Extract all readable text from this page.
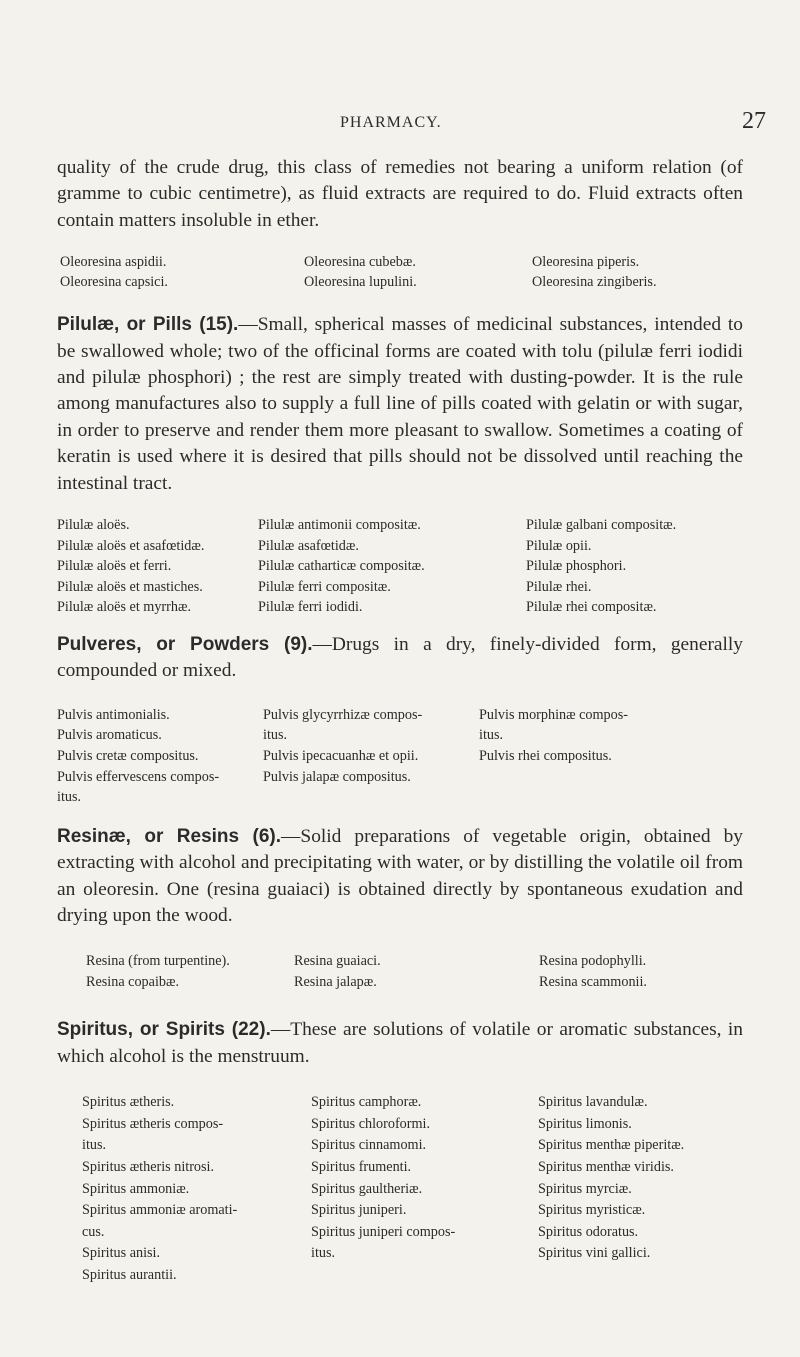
PHARMACY.	27

quality of the crude drug, this class of remedies not bearing a uniform relation (of gramme to cubic centimetre), as fluid extracts are required to do. Fluid extracts often contain matters insoluble in ether.

Oleoresina aspidii.
Oleoresina capsici.
Oleoresina cubebæ.
Oleoresina lupulini.
Oleoresina piperis.
Oleoresina zingiberis.

Pilulæ, or Pills (15).—Small, spherical masses of medicinal substances, intended to be swallowed whole; two of the officinal forms are coated with tolu (pilulæ ferri iodidi and pilulæ phosphori) ; the rest are simply treated with dusting-powder. It is the rule among manufactures also to supply a full line of pills coated with gelatin or with sugar, in order to preserve and render them more pleasant to swallow. Sometimes a coating of keratin is used where it is desired that pills should not be dissolved until reaching the intestinal tract.

Pilulæ aloës.
Pilulæ aloës et asafœtidæ.
Pilulæ aloës et ferri.
Pilulæ aloës et mastiches.
Pilulæ aloës et myrrhæ.
Pilulæ antimonii compositæ.
Pilulæ asafœtidæ.
Pilulæ catharticæ compositæ.
Pilulæ ferri compositæ.
Pilulæ ferri iodidi.
Pilulæ galbani compositæ.
Pilulæ opii.
Pilulæ phosphori.
Pilulæ rhei.
Pilulæ rhei compositæ.

Pulveres, or Powders (9).—Drugs in a dry, finely-divided form, generally compounded or mixed.

Pulvis antimonialis.
Pulvis aromaticus.
Pulvis cretæ compositus.
Pulvis effervescens compos-
itus.
Pulvis glycyrrhizæ compos-
itus.
Pulvis ipecacuanhæ et opii.
Pulvis jalapæ compositus.
Pulvis morphinæ compos-
itus.
Pulvis rhei compositus.

Resinæ, or Resins (6).—Solid preparations of vegetable origin, obtained by extracting with alcohol and precipitating with water, or by distilling the volatile oil from an oleoresin. One (resina guaiaci) is obtained directly by spontaneous exudation and drying upon the wood.

Resina (from turpentine).
Resina copaibæ.
Resina guaiaci.
Resina jalapæ.
Resina podophylli.
Resina scammonii.

Spiritus, or Spirits (22).—These are solutions of volatile or aromatic substances, in which alcohol is the menstruum.

Spiritus ætheris.
Spiritus ætheris compos-
itus.
Spiritus ætheris nitrosi.
Spiritus ammoniæ.
Spiritus ammoniæ aromati-
cus.
Spiritus anisi.
Spiritus aurantii.
Spiritus camphoræ.
Spiritus chloroformi.
Spiritus cinnamomi.
Spiritus frumenti.
Spiritus gaultheriæ.
Spiritus juniperi.
Spiritus juniperi compos-
itus.
Spiritus lavandulæ.
Spiritus limonis.
Spiritus menthæ piperitæ.
Spiritus menthæ viridis.
Spiritus myrciæ.
Spiritus myristicæ.
Spiritus odoratus.
Spiritus vini gallici.
